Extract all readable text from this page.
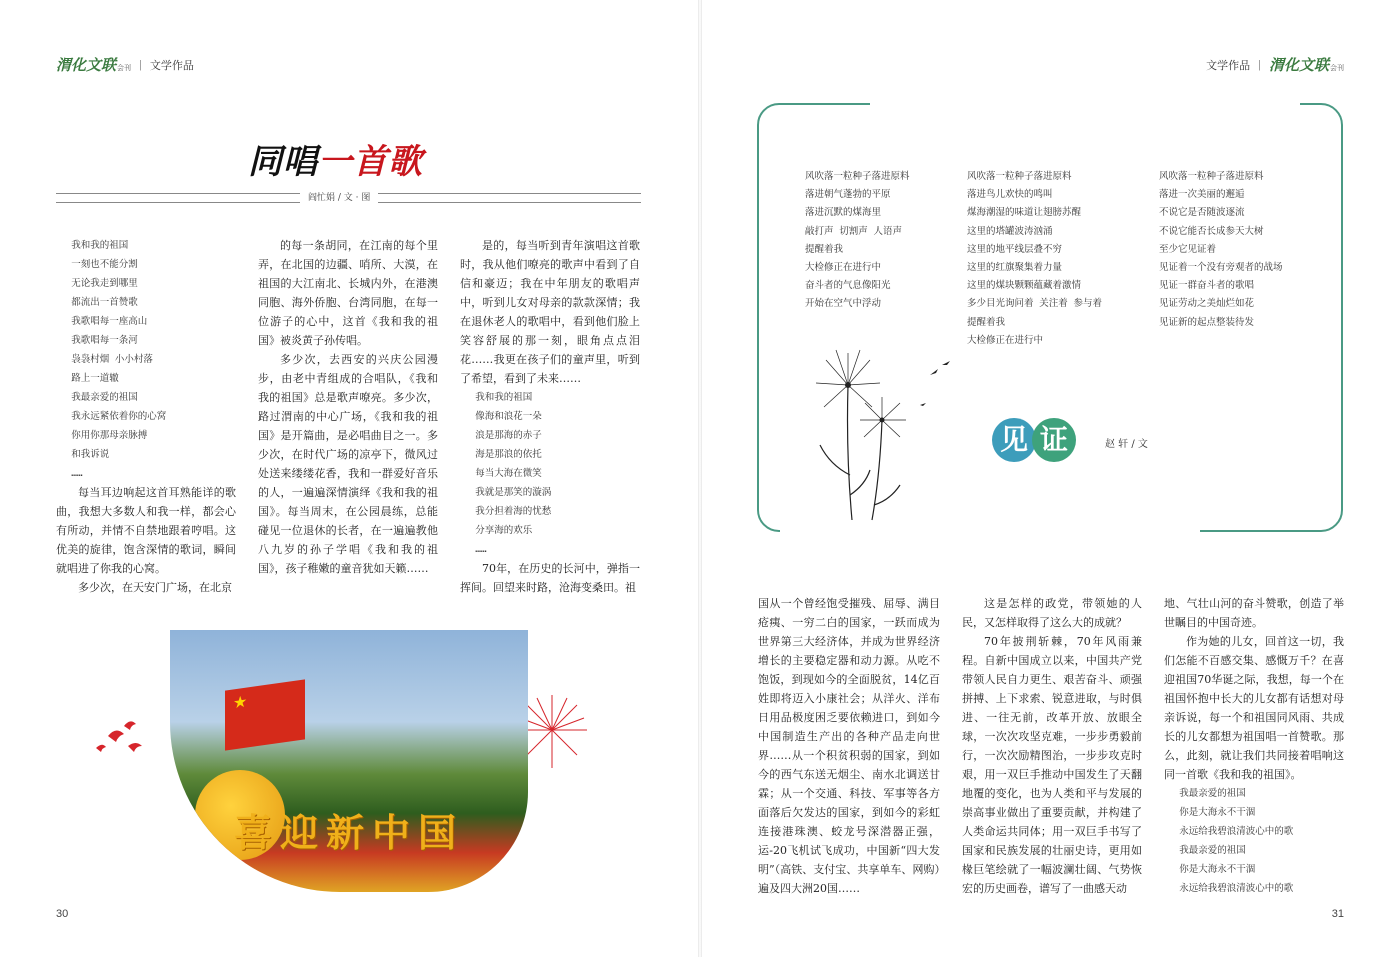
渭化文联会刊 | 文学作品
同唱一首歌
阎忙娟 / 文 · 图
我和我的祖国
一刻也不能分割
无论我走到哪里
都流出一首赞歌
我歌唱每一座高山
我歌唱每一条河
袅袅村烟 小小村落
路上一道辙
我最亲爱的祖国
我永远紧依着你的心窝
你用你那母亲脉搏
和我诉说
……

每当耳边响起这首耳熟能详的歌曲，我想大多数人和我一样，都会心有所动，并情不自禁地跟着哼唱。这优美的旋律，饱含深情的歌词，瞬间就唱进了你我的心窝。

多少次，在天安门广场，在北京

的每一条胡同，在江南的每个里弄，在北国的边疆、哨所、大漠，在祖国的大江南北、长城内外，在港澳同胞、海外侨胞、台湾同胞，在每一位游子的心中，这首《我和我的祖国》被炎黄子孙传唱。

多少次，去西安的兴庆公园漫步，由老中青组成的合唱队，《我和我的祖国》总是歌声嘹亮。多少次，路过渭南的中心广场，《我和我的祖国》是开篇曲，是必唱曲目之一。多少次，在时代广场的凉亭下，微风过处送来缕缕花香，我和一群爱好音乐的人，一遍遍深情演绎《我和我的祖国》。每当周末，在公园晨练，总能碰见一位退休的长者，在一遍遍教他八九岁的孙子学唱《我和我的祖国》，孩子稚嫩的童音犹如天籁……

是的，每当听到青年演唱这首歌时，我从他们嘹亮的歌声中看到了自信和豪迈；我在中年朋友的歌唱声中，听到儿女对母亲的款款深情；我在退休老人的歌唱中，看到他们脸上笑容舒展的那一刻，眼角点点泪花……我更在孩子们的童声里，听到了希望，看到了未来……

我和我的祖国
像海和浪花一朵
浪是那海的赤子
海是那浪的依托
每当大海在微笑
我就是那笑的漩涡
我分担着海的忧愁
分享海的欢乐
……

70年，在历史的长河中，弹指一挥间。回望来时路，沧海变桑田。祖

★
喜迎新中国
30
文学作品 | 渭化文联会刊
风吹落一粒种子落进原料
落进朝气蓬勃的平原
落进沉默的煤海里
敲打声 切割声 人语声
提醒着我
大检修正在进行中
奋斗者的气息像阳光
开始在空气中浮动
风吹落一粒种子落进原料
落进鸟儿欢快的鸣叫
煤海潮湿的味道让翅膀苏醒
这里的塔罐波涛汹涌
这里的地平线层叠不穷
这里的红旗聚集着力量
这里的煤块颗颗蕴藏着激情
多少目光询问着 关注着 参与着
提醒着我
大检修正在进行中
风吹落一粒种子落进原料
落进一次美丽的邂逅
不说它是否随波逐流
不说它能否长成参天大树
至少它见证着
见证着一个没有旁观者的战场
见证一群奋斗者的歌唱
见证劳动之美灿烂如花
见证新的起点整装待发
见 证	赵 轩 / 文

国从一个曾经饱受摧残、屈辱、满目疮痍、一穷二白的国家，一跃而成为世界第三大经济体，并成为世界经济增长的主要稳定器和动力源。从吃不饱饭，到现如今的全面脱贫，14亿百姓即将迈入小康社会；从洋火、洋布日用品极度困乏要依赖进口，到如今中国制造生产出的各种产品走向世界……从一个积贫积弱的国家，到如今的西气东送无烟尘、南水北调送甘霖；从一个交通、科技、军事等各方面落后欠发达的国家，到如今的彩虹连接港珠澳、蛟龙号深潜器正强，运-20飞机试飞成功，中国新“四大发明”（高铁、支付宝、共享单车、网购）遍及四大洲20国……

这是怎样的政党，带领她的人民，又怎样取得了这么大的成就？

70年披荆斩棘，70年风雨兼程。自新中国成立以来，中国共产党带领人民自力更生、艰苦奋斗、顽强拼搏、上下求索、锐意进取，与时俱进、一往无前，改革开放、放眼全球，一次次攻坚克难，一步步勇毅前行，一次次励精图治，一步步攻克时艰，用一双巨手推动中国发生了天翻地覆的变化，也为人类和平与发展的崇高事业做出了重要贡献，并构建了人类命运共同体；用一双巨手书写了国家和民族发展的壮丽史诗，更用如椽巨笔绘就了一幅波澜壮阔、气势恢宏的历史画卷，谱写了一曲感天动

地、气壮山河的奋斗赞歌，创造了举世瞩目的中国奇迹。

作为她的儿女，回首这一切，我们怎能不百感交集、感慨万千？在喜迎祖国70华诞之际，我想，每一个在祖国怀抱中长大的儿女都有话想对母亲诉说，每一个和祖国同风雨、共成长的儿女都想为祖国唱一首赞歌。那么，此刻，就让我们共同接着唱响这同一首歌《我和我的祖国》。

我最亲爱的祖国
你是大海永不干涸
永远给我碧浪清波心中的歌
我最亲爱的祖国
你是大海永不干涸
永远给我碧浪清波心中的歌
31
